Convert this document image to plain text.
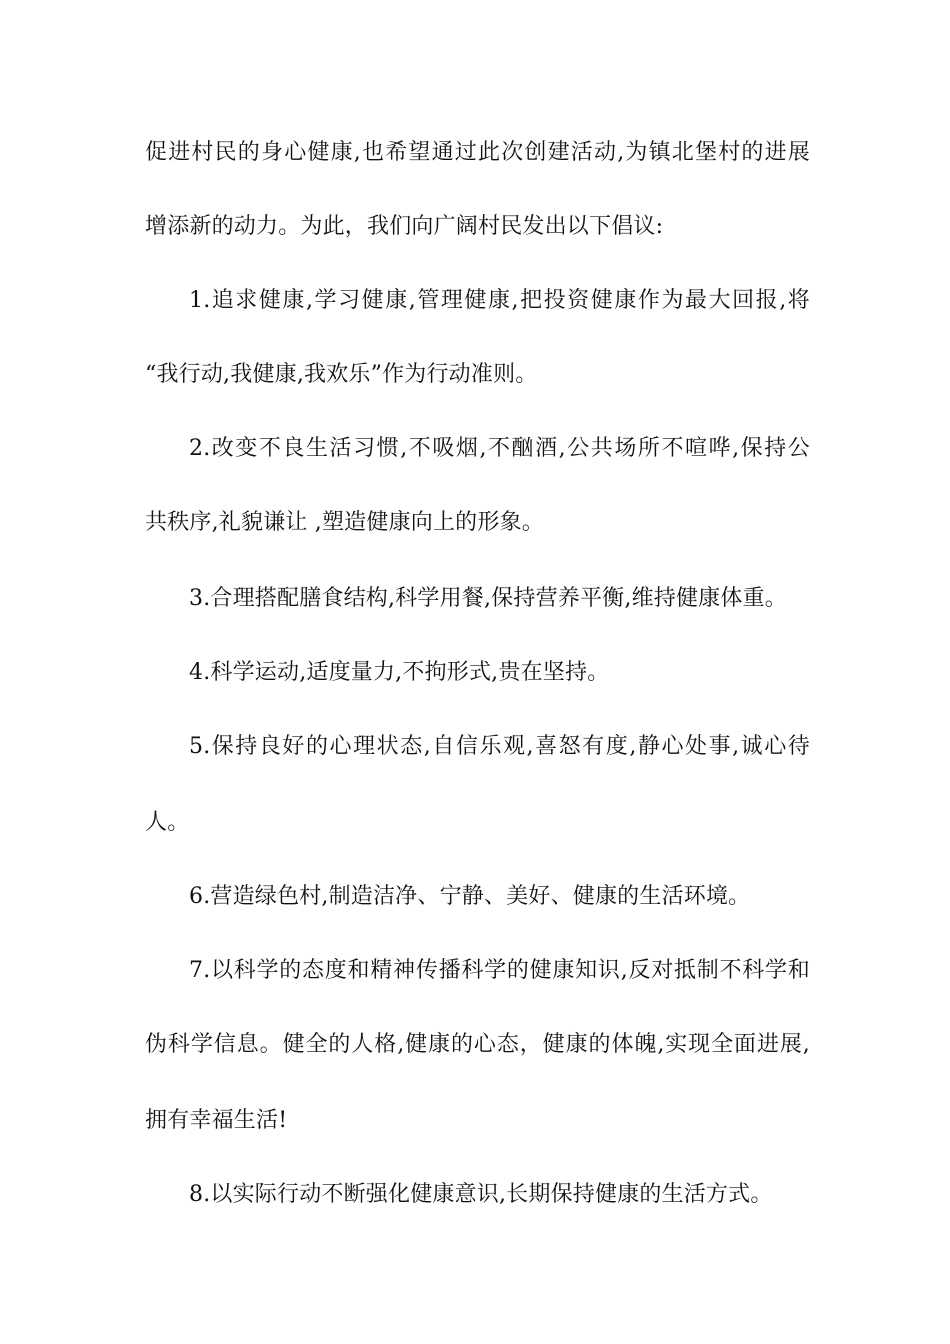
促进村民的身心健康,也希望通过此次创建活动,为镇北堡村的进展
增添新的动力。为此，我们向广阔村民发出以下倡议:
1.追求健康,学习健康,管理健康,把投资健康作为最大回报,将
“我行动,我健康,我欢乐”作为行动准则。
2.改变不良生活习惯,不吸烟,不酗酒,公共场所不喧哗,保持公
共秩序,礼貌谦让 ,塑造健康向上的形象。
3.合理搭配膳食结构,科学用餐,保持营养平衡,维持健康体重。
4.科学运动,适度量力,不拘形式,贵在坚持。
5.保持良好的心理状态,自信乐观,喜怒有度,静心处事,诚心待
人。
6.营造绿色村,制造洁净、宁静、美好、健康的生活环境。
7.以科学的态度和精神传播科学的健康知识,反对抵制不科学和
伪科学信息。健全的人格,健康的心态，健康的体魄,实现全面进展,
拥有幸福生活!
8.以实际行动不断强化健康意识,长期保持健康的生活方式。
